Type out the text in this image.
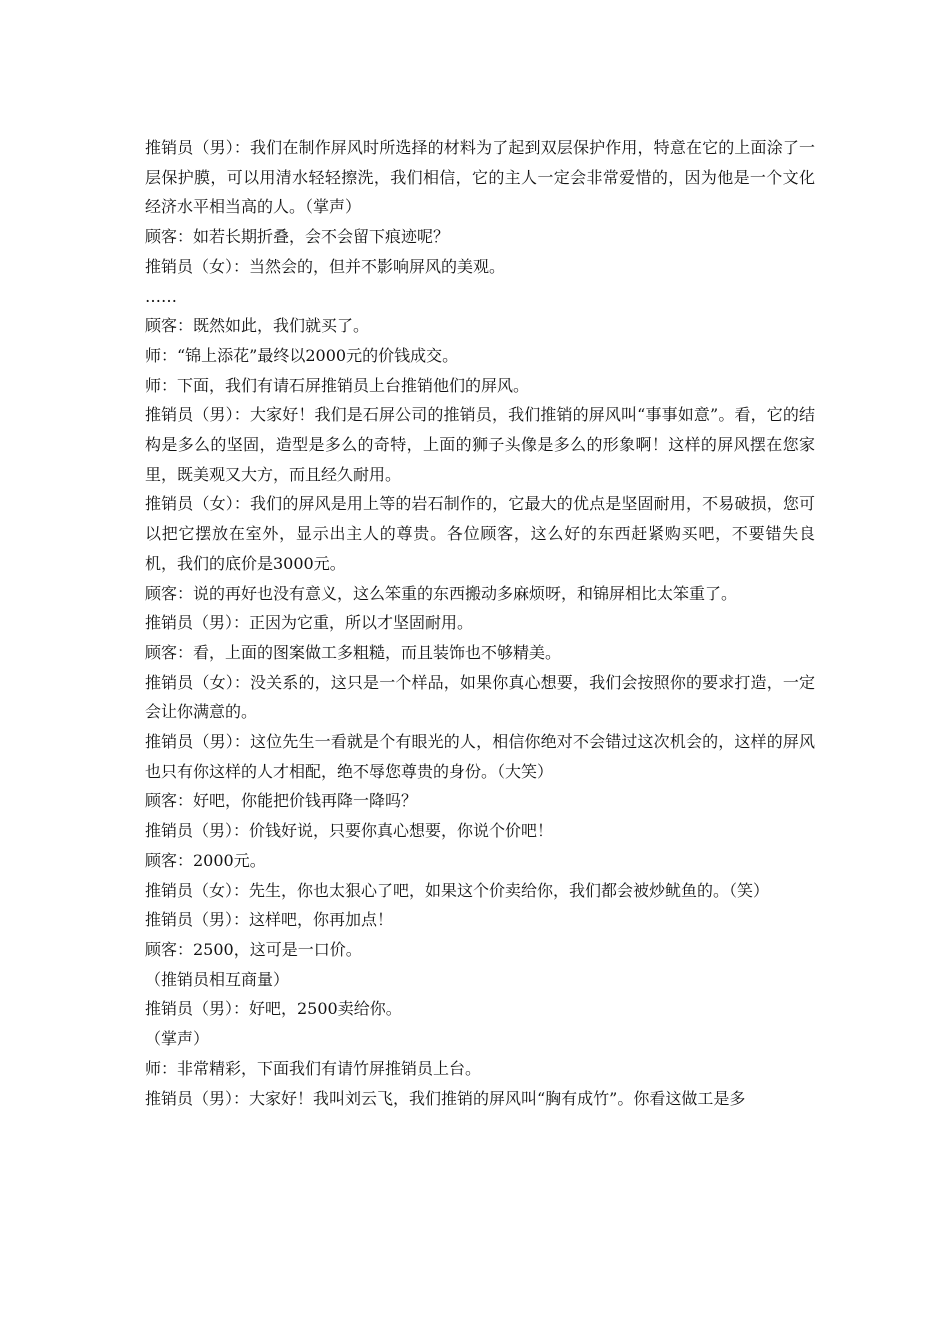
推销员（男）：我们在制作屏风时所选择的材料为了起到双层保护作用，特意在它的上面涂了一层保护膜，可以用清水轻轻擦洗，我们相信，它的主人一定会非常爱惜的，因为他是一个文化经济水平相当高的人。（掌声）

顾客：如若长期折叠，会不会留下痕迹呢？

推销员（女）：当然会的，但并不影响屏风的美观。

……

顾客：既然如此，我们就买了。

师：“锦上添花”最终以2000元的价钱成交。

师：下面，我们有请石屏推销员上台推销他们的屏风。

推销员（男）：大家好！我们是石屏公司的推销员，我们推销的屏风叫“事事如意”。看，它的结构是多么的坚固，造型是多么的奇特，上面的狮子头像是多么的形象啊！这样的屏风摆在您家里，既美观又大方，而且经久耐用。

推销员（女）：我们的屏风是用上等的岩石制作的，它最大的优点是坚固耐用，不易破损，您可以把它摆放在室外，显示出主人的尊贵。各位顾客，这么好的东西赶紧购买吧，不要错失良机，我们的底价是3000元。

顾客：说的再好也没有意义，这么笨重的东西搬动多麻烦呀，和锦屏相比太笨重了。

推销员（男）：正因为它重，所以才坚固耐用。

顾客：看，上面的图案做工多粗糙，而且装饰也不够精美。

推销员（女）：没关系的，这只是一个样品，如果你真心想要，我们会按照你的要求打造，一定会让你满意的。

推销员（男）：这位先生一看就是个有眼光的人，相信你绝对不会错过这次机会的，这样的屏风也只有你这样的人才相配，绝不辱您尊贵的身份。（大笑）

顾客：好吧，你能把价钱再降一降吗？

推销员（男）：价钱好说，只要你真心想要，你说个价吧！

顾客：2000元。

推销员（女）：先生，你也太狠心了吧，如果这个价卖给你，我们都会被炒鱿鱼的。（笑）

推销员（男）：这样吧，你再加点！

顾客：2500，这可是一口价。

（推销员相互商量）

推销员（男）：好吧，2500卖给你。

（掌声）

师：非常精彩，下面我们有请竹屏推销员上台。

推销员（男）：大家好！我叫刘云飞，我们推销的屏风叫“胸有成竹”。你看这做工是多
